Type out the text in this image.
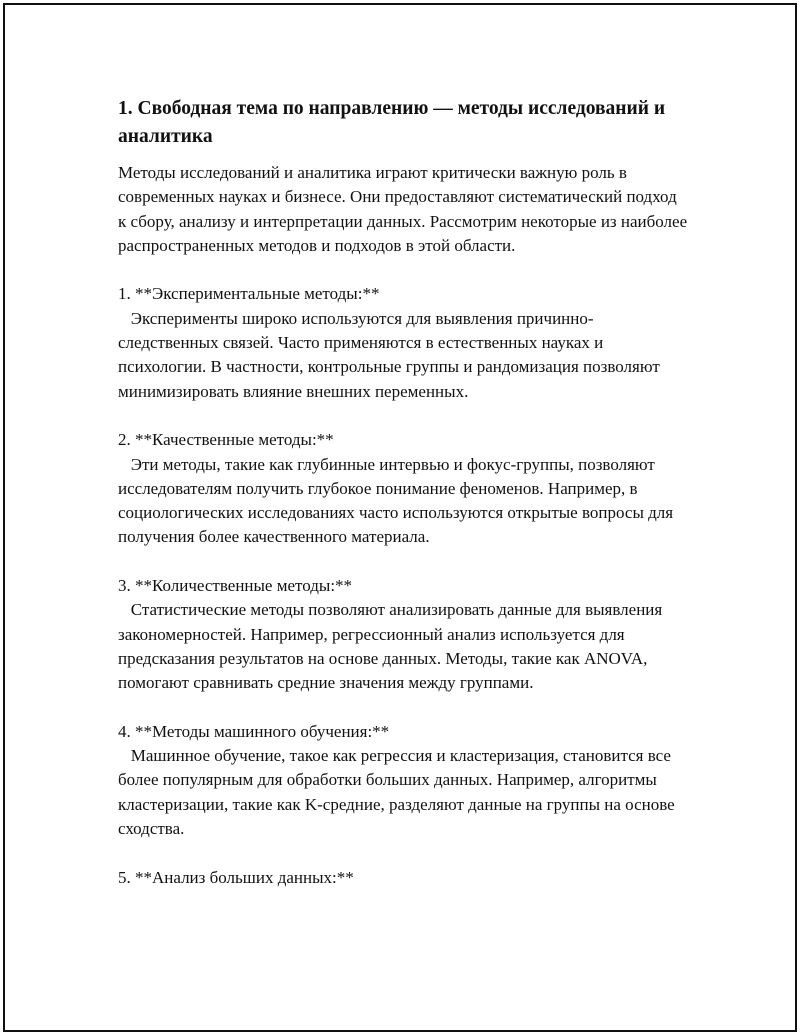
1. Свободная тема по направлению — методы исследований и аналитика

Методы исследований и аналитика играют критически важную роль в современных науках и бизнесе. Они предоставляют систематический подход к сбору, анализу и интерпретации данных. Рассмотрим некоторые из наиболее распространенных методов и подходов в этой области.

1. **Экспериментальные методы:**

Эксперименты широко используются для выявления причинно-следственных связей. Часто применяются в естественных науках и психологии. В частности, контрольные группы и рандомизация позволяют минимизировать влияние внешних переменных.

2. **Качественные методы:**

Эти методы, такие как глубинные интервью и фокус-группы, позволяют исследователям получить глубокое понимание феноменов. Например, в социологических исследованиях часто используются открытые вопросы для получения более качественного материала.

3. **Количественные методы:**

Статистические методы позволяют анализировать данные для выявления закономерностей. Например, регрессионный анализ используется для предсказания результатов на основе данных. Методы, такие как ANOVA, помогают сравнивать средние значения между группами.

4. **Методы машинного обучения:**

Машинное обучение, такое как регрессия и кластеризация, становится все более популярным для обработки больших данных. Например, алгоритмы кластеризации, такие как K-средние, разделяют данные на группы на основе сходства.

5. **Анализ больших данных:**
